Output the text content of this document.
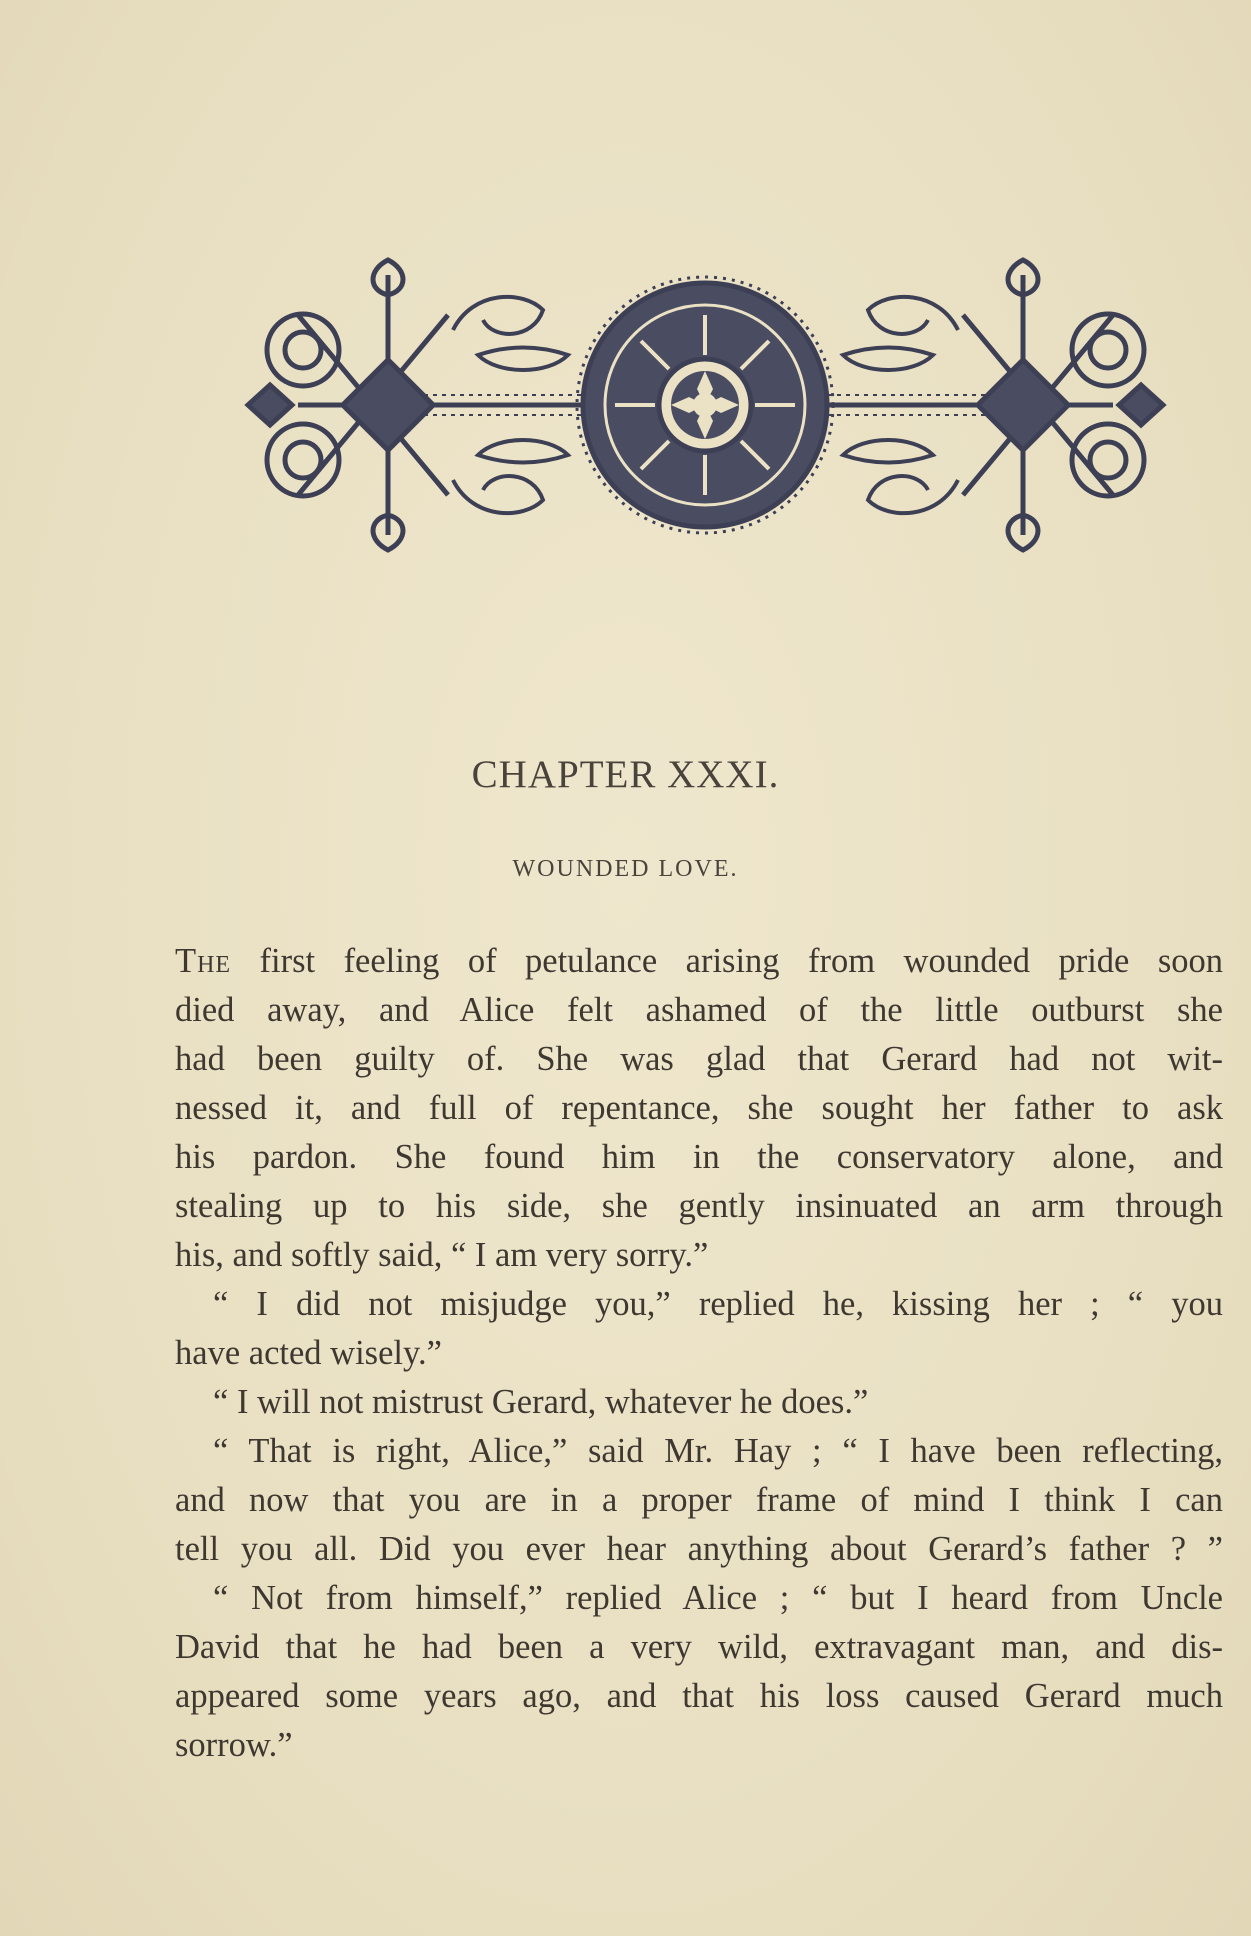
CHAPTER XXXI.
WOUNDED LOVE.
The first feeling of petulance arising from wounded pride soon
died away, and Alice felt ashamed of the little outburst she
had been guilty of. She was glad that Gerard had not wit-
nessed it, and full of repentance, she sought her father to ask
his pardon. She found him in the conservatory alone, and
stealing up to his side, she gently insinuated an arm through
his, and softly said, “ I am very sorry.”
“ I did not misjudge you,” replied he, kissing her ; “ you
have acted wisely.”
“ I will not mistrust Gerard, whatever he does.”
“ That is right, Alice,” said Mr. Hay ; “ I have been reflecting,
and now that you are in a proper frame of mind I think I can
tell you all. Did you ever hear anything about Gerard’s father ? ”
“ Not from himself,” replied Alice ; “ but I heard from Uncle
David that he had been a very wild, extravagant man, and dis-
appeared some years ago, and that his loss caused Gerard much
sorrow.”
